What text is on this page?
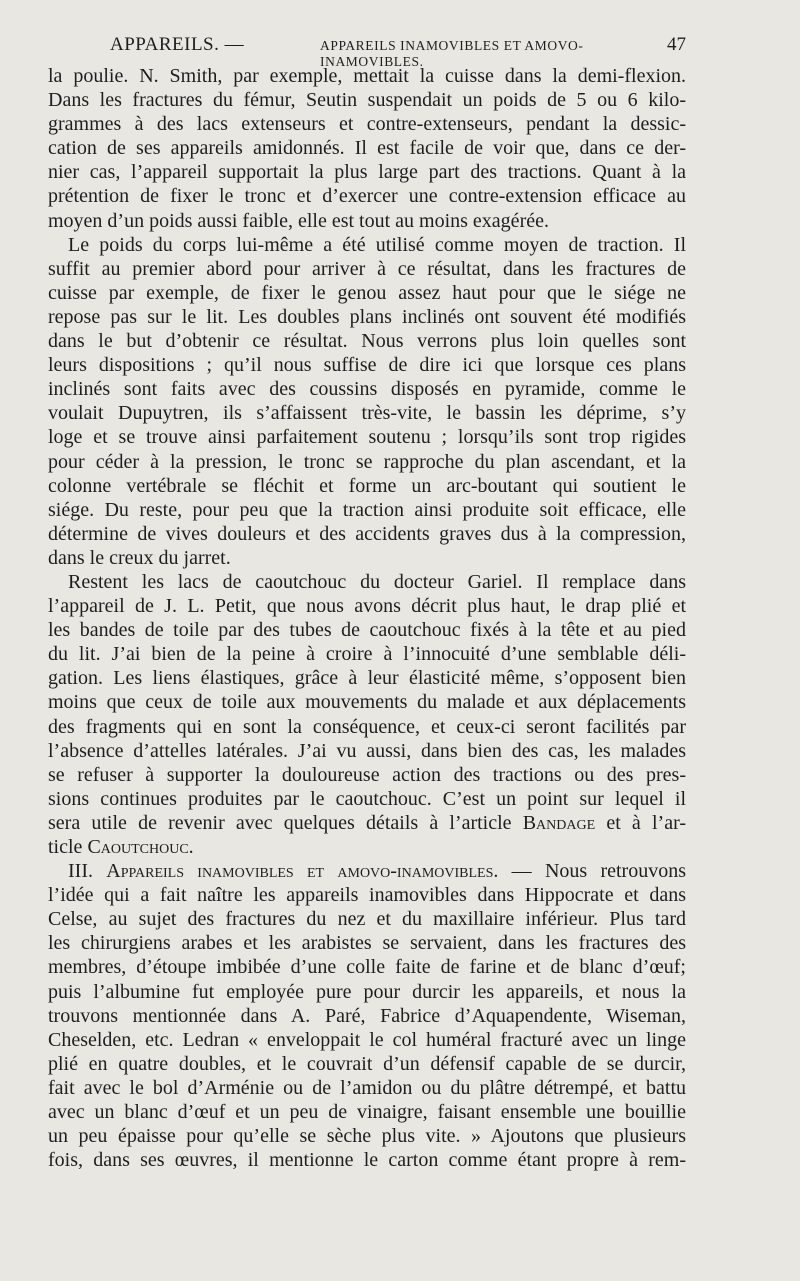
APPAREILS. —	APPAREILS INAMOVIBLES ET AMOVO-INAMOVIBLES.
47
la poulie. N. Smith, par exemple, mettait la cuisse dans la demi-flexion.
Dans les fractures du fémur, Seutin suspendait un poids de 5 ou 6 kilo-
grammes à des lacs extenseurs et contre-extenseurs, pendant la dessic-
cation de ses appareils amidonnés. Il est facile de voir que, dans ce der-
nier cas, l’appareil supportait la plus large part des tractions. Quant à la
prétention de fixer le tronc et d’exercer une contre-extension efficace au
moyen d’un poids aussi faible, elle est tout au moins exagérée.
Le poids du corps lui-même a été utilisé comme moyen de traction. Il
suffit au premier abord pour arriver à ce résultat, dans les fractures de
cuisse par exemple, de fixer le genou assez haut pour que le siége ne
repose pas sur le lit. Les doubles plans inclinés ont souvent été modifiés
dans le but d’obtenir ce résultat. Nous verrons plus loin quelles sont
leurs dispositions ; qu’il nous suffise de dire ici que lorsque ces plans
inclinés sont faits avec des coussins disposés en pyramide, comme le
voulait Dupuytren, ils s’affaissent très-vite, le bassin les déprime, s’y
loge et se trouve ainsi parfaitement soutenu ; lorsqu’ils sont trop rigides
pour céder à la pression, le tronc se rapproche du plan ascendant, et la
colonne vertébrale se fléchit et forme un arc-boutant qui soutient le
siége. Du reste, pour peu que la traction ainsi produite soit efficace, elle
détermine de vives douleurs et des accidents graves dus à la compression,
dans le creux du jarret.
Restent les lacs de caoutchouc du docteur Gariel. Il remplace dans
l’appareil de J. L. Petit, que nous avons décrit plus haut, le drap plié et
les bandes de toile par des tubes de caoutchouc fixés à la tête et au pied
du lit. J’ai bien de la peine à croire à l’innocuité d’une semblable déli-
gation. Les liens élastiques, grâce à leur élasticité même, s’opposent bien
moins que ceux de toile aux mouvements du malade et aux déplacements
des fragments qui en sont la conséquence, et ceux-ci seront facilités par
l’absence d’attelles latérales. J’ai vu aussi, dans bien des cas, les malades
se refuser à supporter la douloureuse action des tractions ou des pres-
sions continues produites par le caoutchouc. C’est un point sur lequel il
sera utile de revenir avec quelques détails à l’article Bandage et à l’ar-
ticle Caoutchouc.
III. Appareils inamovibles et amovo-inamovibles. — Nous retrouvons
l’idée qui a fait naître les appareils inamovibles dans Hippocrate et dans
Celse, au sujet des fractures du nez et du maxillaire inférieur. Plus tard
les chirurgiens arabes et les arabistes se servaient, dans les fractures des
membres, d’étoupe imbibée d’une colle faite de farine et de blanc d’œuf;
puis l’albumine fut employée pure pour durcir les appareils, et nous la
trouvons mentionnée dans A. Paré, Fabrice d’Aquapendente, Wiseman,
Cheselden, etc. Ledran « enveloppait le col huméral fracturé avec un linge
plié en quatre doubles, et le couvrait d’un défensif capable de se durcir,
fait avec le bol d’Arménie ou de l’amidon ou du plâtre détrempé, et battu
avec un blanc d’œuf et un peu de vinaigre, faisant ensemble une bouillie
un peu épaisse pour qu’elle se sèche plus vite. » Ajoutons que plusieurs
fois, dans ses œuvres, il mentionne le carton comme étant propre à rem-
